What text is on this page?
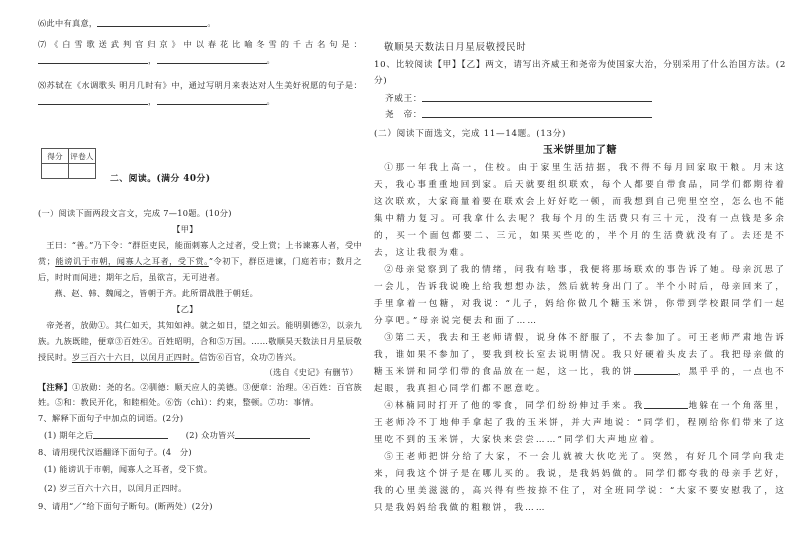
⑹此中有真意，	。
⑺《白雪歌送武判官归京》中以春花比喻冬雪的千古名句是： ，	。
⑻苏轼在《水调歌头 明月几时有》中，通过写明月来表达对人生美好祝愿的句子是： ，	。
得分	评卷人

二、阅读。(满分 40分)
(一）阅读下面两段文言文，完成 7—10题。(10分)
【甲】

王曰：“善。”乃下令：“群臣吏民，能面刺寡人之过者，受上赏；上书谏寡人者，受中赏；能谤讥于市朝，闻寡人之耳者，受下赏。”令初下，群臣进谏，门庭若市；数月之后，时时而间进；期年之后，虽欲言，无可进者。

燕、赵、韩、魏闻之，皆朝于齐。此所谓战胜于朝廷。

【乙】

帝尧者，放勋①。其仁如天，其知如神。就之如日，望之如云。能明驯德②，以亲九族。九族既睦，便章③百姓④。百姓昭明，合和⑤万国。……敬顺昊天数法日月星辰敬授民时。岁三百六十六日，以闰月正四时。信饬⑥百官，众功⑦皆兴。

（选自《史记》有删节）

【注释】①放勋：尧的名。②驯德：顺天应人的美德。③便章：治理。④百姓：百官族姓。⑤和：教民开化，和睦相处。⑥饬（chì）：约束，整顿。⑦功：事情。

7、解释下面句子中加点的词语。(2分)
(1) 期年之后	(2) 众功皆兴
8、请用现代汉语翻译下面句子。(4　分)
(1) 能谤讥于市朝，闻寡人之耳者，受下赏。
(2) 岁三百六十六日，以闰月正四时。
9、请用“／”给下面句子断句。(断两处）(2分)
敬顺昊天数法日月星辰敬授民时
10、比较阅读【甲】【乙】两文，请写出齐威王和尧帝为使国家大治，分别采用了什么治国方法。(2分)
齐威王：
尧　帝：
(二）阅读下面选文，完成 11—14题。(13分)
玉米饼里加了糖

①那一年我上高一，住校。由于家里生活拮据，我不得不每月回家取干粮。月末这天，我心事重重地回到家。后天就要组织联欢，每个人都要自带食品，同学们都期待着这次联欢，大家商量着要在联欢会上好好吃一顿，而我想到自己兜里空空，怎么也不能集中精力复习。可我拿什么去呢？我每个月的生活费只有三十元，没有一点钱是多余的，买一个面包都要二、三元，如果买些吃的，半个月的生活费就没有了。去还是不去，这让我很为难。

②母亲觉察到了我的情绪，问我有啥事，我便将那场联欢的事告诉了她。母亲沉思了一会儿，告诉我说晚上给我想想办法，然后就转身出门了。半个小时后，母亲回来了，手里拿着一包糖，对我说：“儿子，妈给你做几个糖玉米饼，你带到学校跟同学们一起分享吧。”母亲说完便去和面了……

③第二天，我去和王老师请假，说身体不舒服了，不去参加了。可王老师严肃地告诉我，谁如果不参加了，要我到校长室去说明情况。我只好硬着头皮去了。我把母亲做的糖玉米饼和同学们带的食品放在一起，这一比，我的饼	，黑乎乎的，一点也不起眼，我真担心同学们都不愿意吃。

④林楠同时打开了他的零食，同学们纷纷伸过手来。我	地躲在一个角落里，王老师冷不丁地伸手拿起了我的玉米饼，并大声地说：“同学们，程刚给你们带来了这里吃不到的玉米饼，大家快来尝尝……”同学们大声地应着。

⑤王老师把饼分给了大家，不一会儿就被大伙吃光了。突然，有好几个同学向我走来，问我这个饼子是在哪儿买的。我说，是我妈妈做的。同学们都夸我的母亲手艺好，我的心里美滋滋的，高兴得有些按捺不住了，对全班同学说：“大家不要安慰我了，这只是我妈妈给我做的粗粮饼，我……
